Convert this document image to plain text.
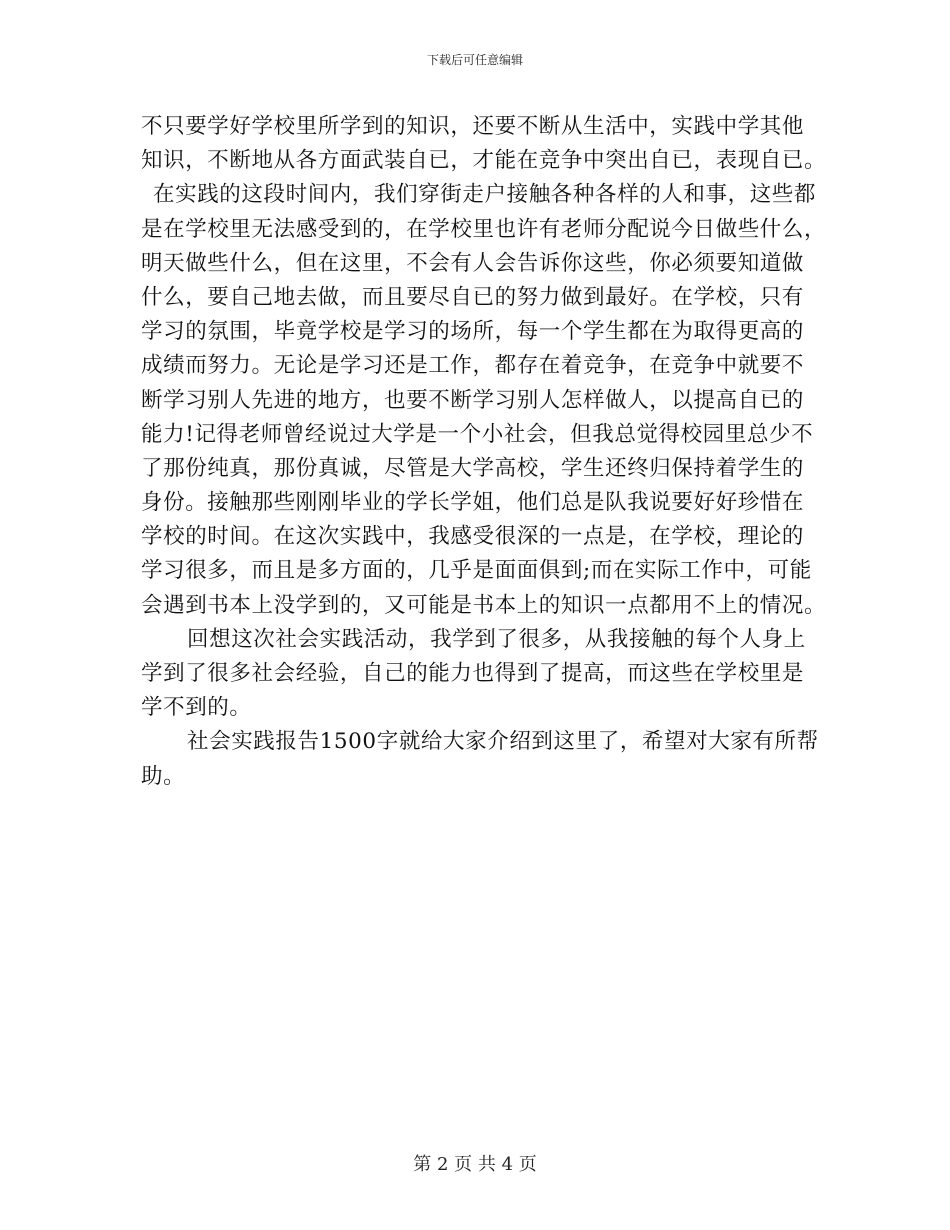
下载后可任意编辑
不只要学好学校里所学到的知识，还要不断从生活中，实践中学其他
知识，不断地从各方面武装自已，才能在竞争中突出自已，表现自已。
在实践的这段时间内，我们穿街走户接触各种各样的人和事，这些都
是在学校里无法感受到的，在学校里也许有老师分配说今日做些什么，
明天做些什么，但在这里，不会有人会告诉你这些，你必须要知道做
什么，要自己地去做，而且要尽自已的努力做到最好。在学校，只有
学习的氛围，毕竟学校是学习的场所，每一个学生都在为取得更高的
成绩而努力。无论是学习还是工作，都存在着竞争，在竞争中就要不
断学习别人先进的地方，也要不断学习别人怎样做人，以提高自已的
能力!记得老师曾经说过大学是一个小社会，但我总觉得校园里总少不
了那份纯真，那份真诚，尽管是大学高校，学生还终归保持着学生的
身份。接触那些刚刚毕业的学长学姐，他们总是队我说要好好珍惜在
学校的时间。在这次实践中，我感受很深的一点是，在学校，理论的
学习很多，而且是多方面的，几乎是面面俱到;而在实际工作中，可能
会遇到书本上没学到的，又可能是书本上的知识一点都用不上的情况。
回想这次社会实践活动，我学到了很多，从我接触的每个人身上
学到了很多社会经验，自己的能力也得到了提高，而这些在学校里是
学不到的。
社会实践报告1500字就给大家介绍到这里了，希望对大家有所帮
助。
第 2 页 共 4 页
